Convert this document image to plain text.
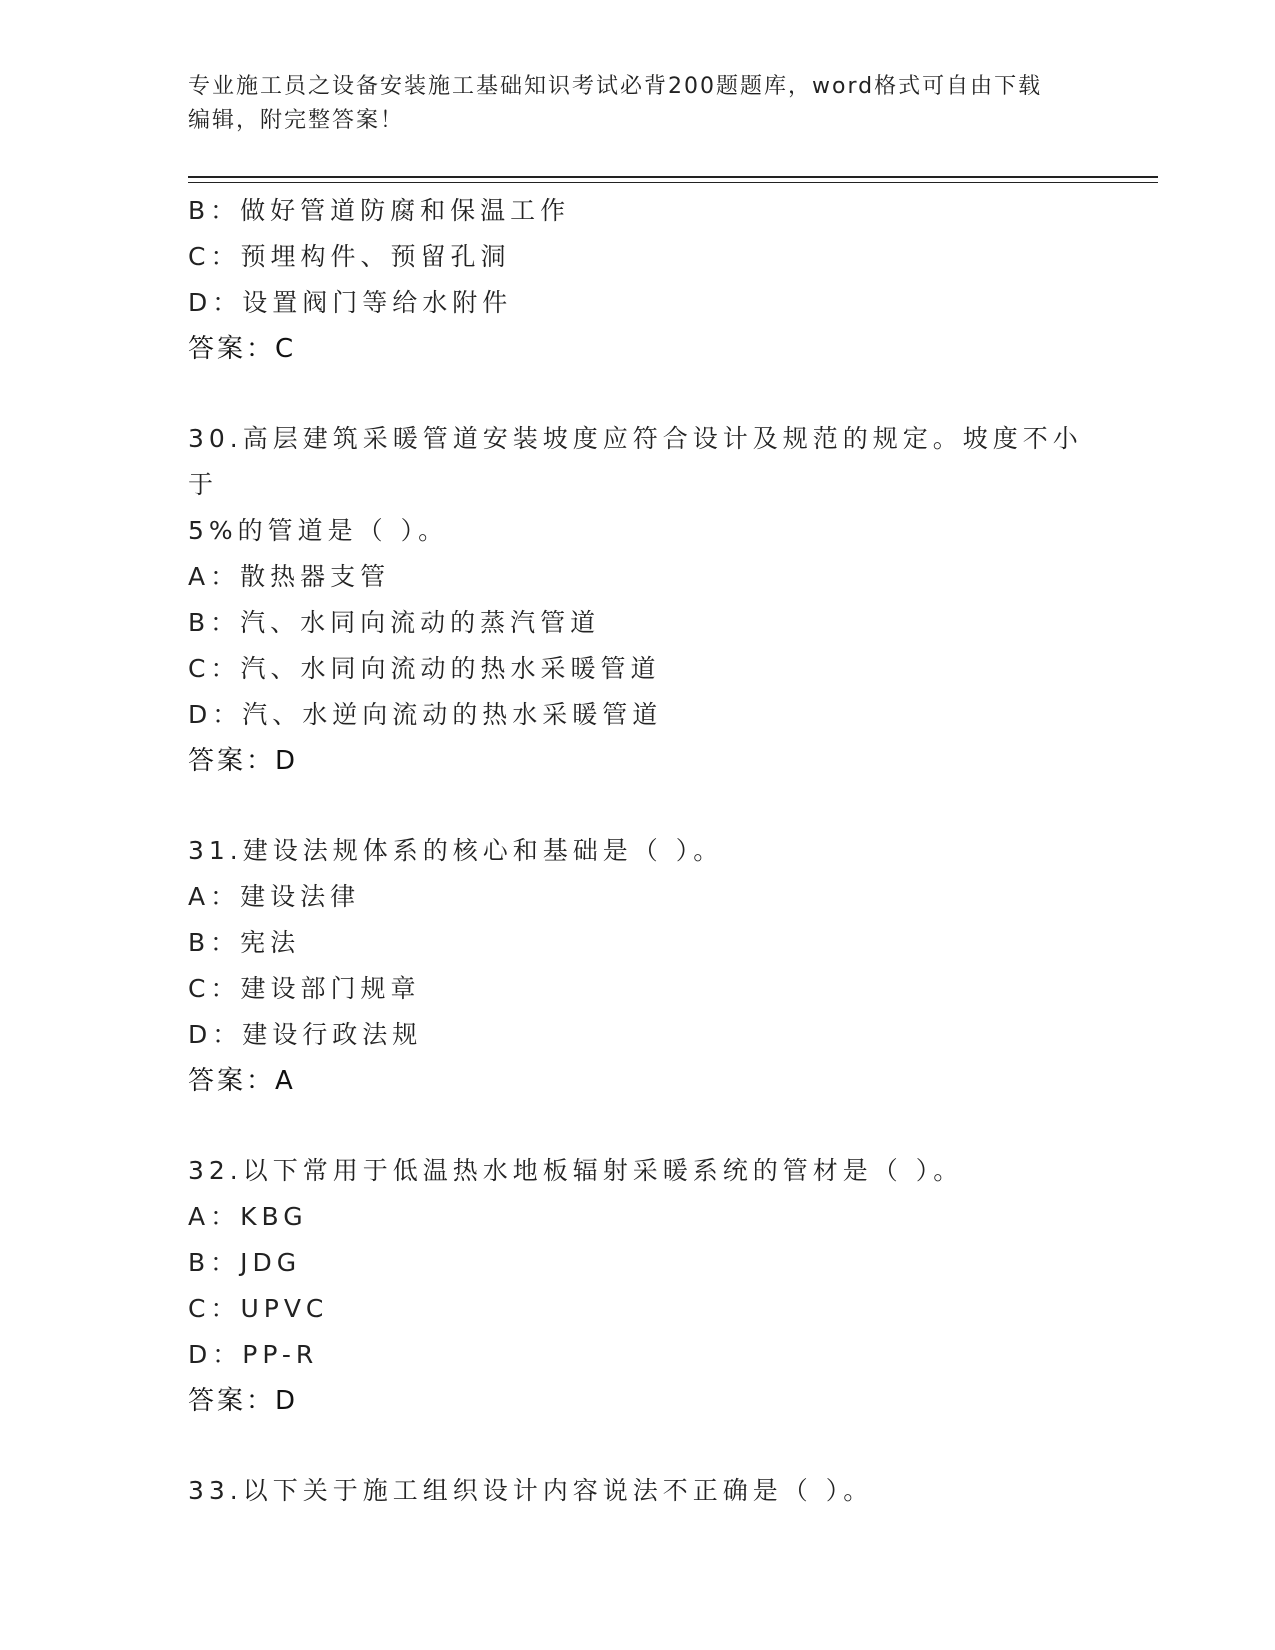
专业施工员之设备安装施工基础知识考试必背200题题库，word格式可自由下载
编辑，附完整答案！
B：做好管道防腐和保温工作
C：预埋构件、预留孔洞
D：设置阀门等给水附件
答案：C
30.高层建筑采暖管道安装坡度应符合设计及规范的规定。坡度不小于
5%的管道是（ ）。
A：散热器支管
B：汽、水同向流动的蒸汽管道
C：汽、水同向流动的热水采暖管道
D：汽、水逆向流动的热水采暖管道
答案：D
31.建设法规体系的核心和基础是（ ）。
A：建设法律
B：宪法
C：建设部门规章
D：建设行政法规
答案：A
32.以下常用于低温热水地板辐射采暖系统的管材是（ ）。
A：KBG
B：JDG
C：UPVC
D：PP-R
答案：D
33.以下关于施工组织设计内容说法不正确是（ ）。
